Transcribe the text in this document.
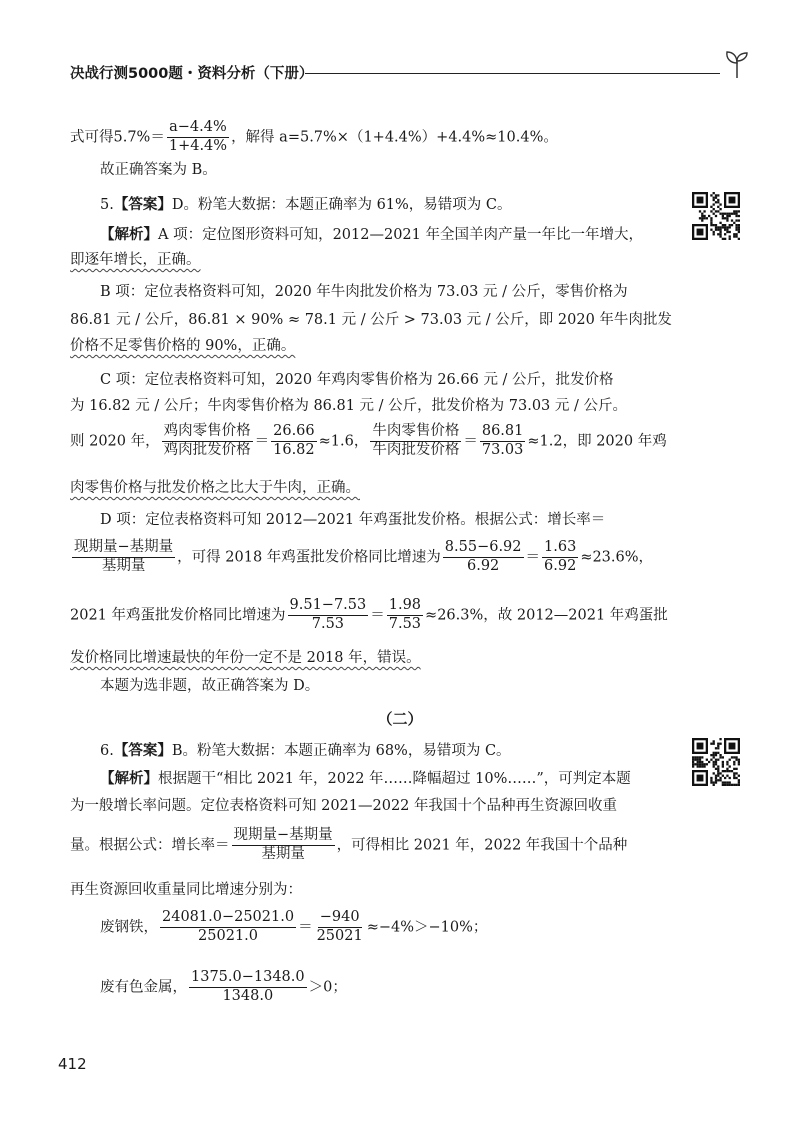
决战行测5000题・资料分析（下册）
式可得$5.7\%= \frac{a-4.4\%}{1+4.4\%}$ ，解得 a=5.7%×（1+4.4%）+4.4%≈10.4%。
故正确答案为 B。
5.【答案】D。粉笔大数据：本题正确率为 61%，易错项为 C。
【解析】A 项：定位图形资料可知，2012—2021 年全国羊肉产量一年比一年增大，
即逐年增长，正确。
B 项：定位表格资料可知，2020 年牛肉批发价格为 73.03 元 / 公斤，零售价格为
86.81 元 / 公斤，86.81 × 90% ≈ 78.1 元 / 公斤 > 73.03 元 / 公斤，即 2020 年牛肉批发
价格不足零售价格的 90%，正确。
C 项：定位表格资料可知，2020 年鸡肉零售价格为 26.66 元 / 公斤，批发价格
为 16.82 元 / 公斤；牛肉零售价格为 86.81 元 / 公斤，批发价格为 73.03 元 / 公斤。
则 2020 年， $\frac{\text{鸡肉零售价格}}{\text{鸡肉批发价格}} = \frac{26.66}{16.82} \approx 1.6$， $\frac{\text{牛肉零售价格}}{\text{牛肉批发价格}} = \frac{86.81}{73.03} \approx 1.2$，即 2020 年鸡
肉零售价格与批发价格之比大于牛肉，正确。
D 项：定位表格资料可知 2012—2021 年鸡蛋批发价格。根据公式：增长率＝
$\frac{\text{现期量−基期量}}{\text{基期量}}$ ，可得 2018 年鸡蛋批发价格同比增速为 $\frac{8.55-6.92}{6.92} = \frac{1.63}{6.92} \approx 23.6\%$，
2021 年鸡蛋批发价格同比增速为 $\frac{9.51-7.53}{7.53} = \frac{1.98}{7.53} \approx 26.3\%$，故 2012—2021 年鸡蛋批
发价格同比增速最快的年份一定不是 2018 年，错误。
本题为选非题，故正确答案为 D。
（二）
6.【答案】B。粉笔大数据：本题正确率为 68%，易错项为 C。
【解析】根据题干“相比 2021 年，2022 年……降幅超过 10%……”，可判定本题
为一般增长率问题。定位表格资料可知 2021—2022 年我国十个品种再生资源回收重
量。根据公式：增长率＝ $\frac{\text{现期量−基期量}}{\text{基期量}}$ ，可得相比 2021 年，2022 年我国十个品种
再生资源回收重量同比增速分别为：
废钢铁， $\frac{24081.0-25021.0}{25021.0} = \frac{-940}{25021} \approx-4\%>-10\%$；
废有色金属， $\frac{1375.0-1348.0}{1348.0} >0$；
412
